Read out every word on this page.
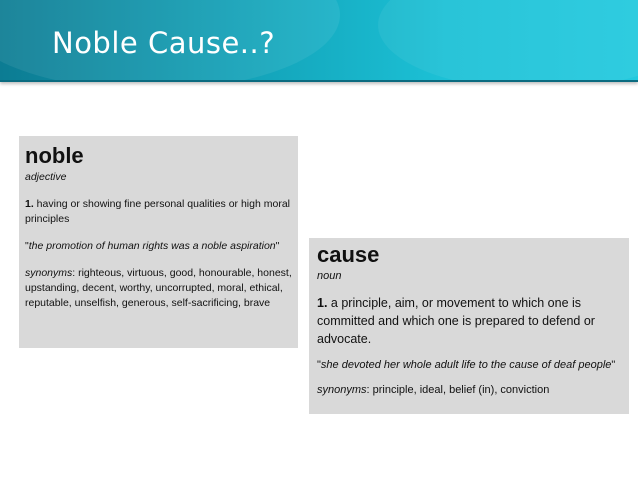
Noble Cause..?

noble

adjective

1. having or showing fine personal qualities or high moral principles

"the promotion of human rights was a noble aspiration"

synonyms: righteous, virtuous, good, honourable, honest, upstanding, decent, worthy, uncorrupted, moral, ethical, reputable, unselfish, generous, self-sacrificing, brave

cause

noun

1. a principle, aim, or movement to which one is committed and which one is prepared to defend or advocate.

"she devoted her whole adult life to the cause of deaf people"

synonyms: principle, ideal, belief (in), conviction
